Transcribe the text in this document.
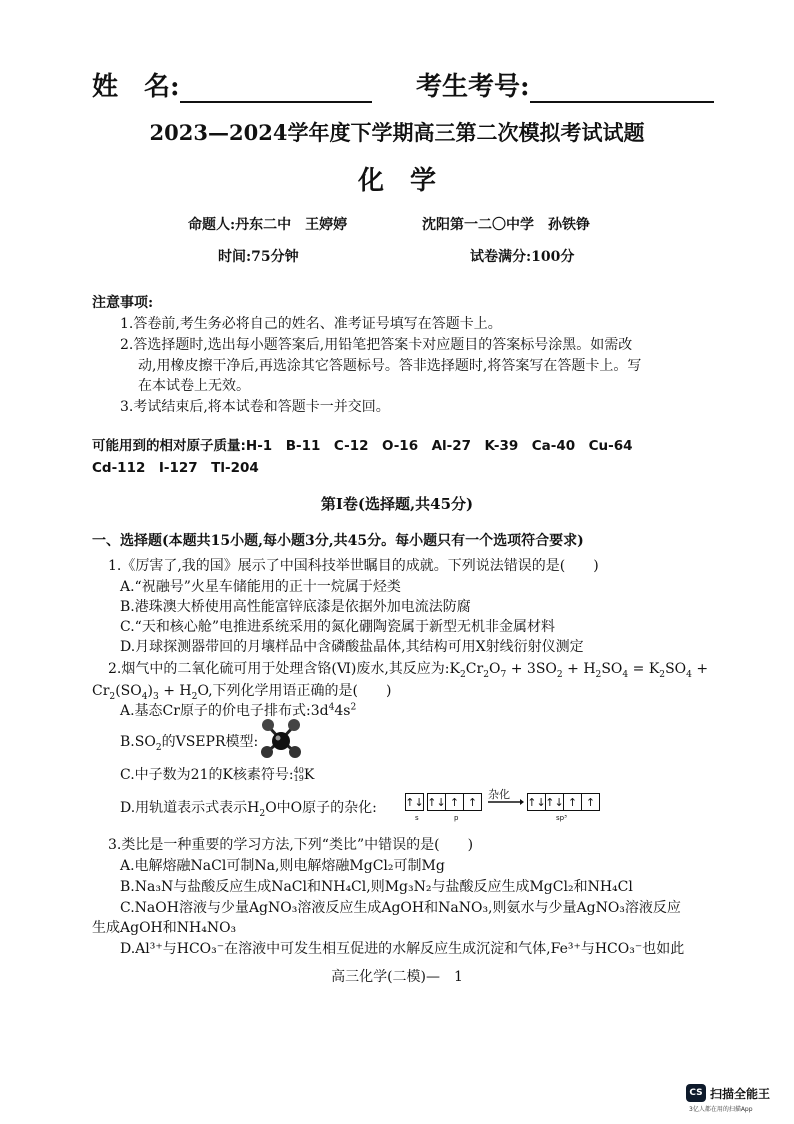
姓　名:	考生考号:
2023—2024学年度下学期高三第二次模拟考试试题
化　学
命题人:丹东二中　王婷婷	沈阳第一二〇中学　孙铁铮
时间:75分钟	试卷满分:100分
注意事项:
1.答卷前,考生务必将自己的姓名、准考证号填写在答题卡上。
2.答选择题时,选出每小题答案后,用铅笔把答案卡对应题目的答案标号涂黑。如需改
动,用橡皮擦干净后,再选涂其它答题标号。答非选择题时,将答案写在答题卡上。写
在本试卷上无效。
3.考试结束后,将本试卷和答题卡一并交回。
可能用到的相对原子质量:H-1　B-11　C-12　O-16　Al-27　K-39　Ca-40　Cu-64
Cd-112　I-127　Tl-204
第Ⅰ卷(选择题,共45分)
一、选择题(本题共15小题,每小题3分,共45分。每小题只有一个选项符合要求)
1.《厉害了,我的国》展示了中国科技举世瞩目的成就。下列说法错误的是(　　)
A.“祝融号”火星车储能用的正十一烷属于烃类
B.港珠澳大桥使用高性能富锌底漆是依据外加电流法防腐
C.“天和核心舱”电推进系统采用的氮化硼陶瓷属于新型无机非金属材料
D.月球探测器带回的月壤样品中含磷酸盐晶体,其结构可用X射线衍射仪测定
2.烟气中的二氧化硫可用于处理含铬(Ⅵ)废水,其反应为$:K_2Cr_2O_7 + 3SO_2 + H_2SO_4 = K_2SO_4$ +
$Cr_2(SO_4)_3 + H_2O$,下列化学用语正确的是(　　)
A.基态Cr原子的价电子排布式$:3d^44s^2$
$B.SO_2$的VSEPR模型:
C.中子数为21的K核素符号:40
19K
D.用轨道表示式表示$H_2O$中O原子的杂化:	↑↓ ↑↓ ↑ ↑
s	p
杂化
↑↓ ↑↓ ↑ ↑
sp³
3.类比是一种重要的学习方法,下列“类比”中错误的是(　　)
A.电解熔融NaCl可制Na,则电解熔融MgCl₂可制Mg
B.Na₃N与盐酸反应生成NaCl和NH₄Cl,则Mg₃N₂与盐酸反应生成MgCl₂和NH₄Cl
C.NaOH溶液与少量AgNO₃溶液反应生成AgOH和NaNO₃,则氨水与少量AgNO₃溶液反应
生成AgOH和NH₄NO₃
D.Al³⁺与HCO₃⁻在溶液中可发生相互促进的水解反应生成沉淀和气体,Fe³⁺与HCO₃⁻也如此
高三化学(二模)—　1
CS 扫描全能王
3亿人都在用的扫描App
